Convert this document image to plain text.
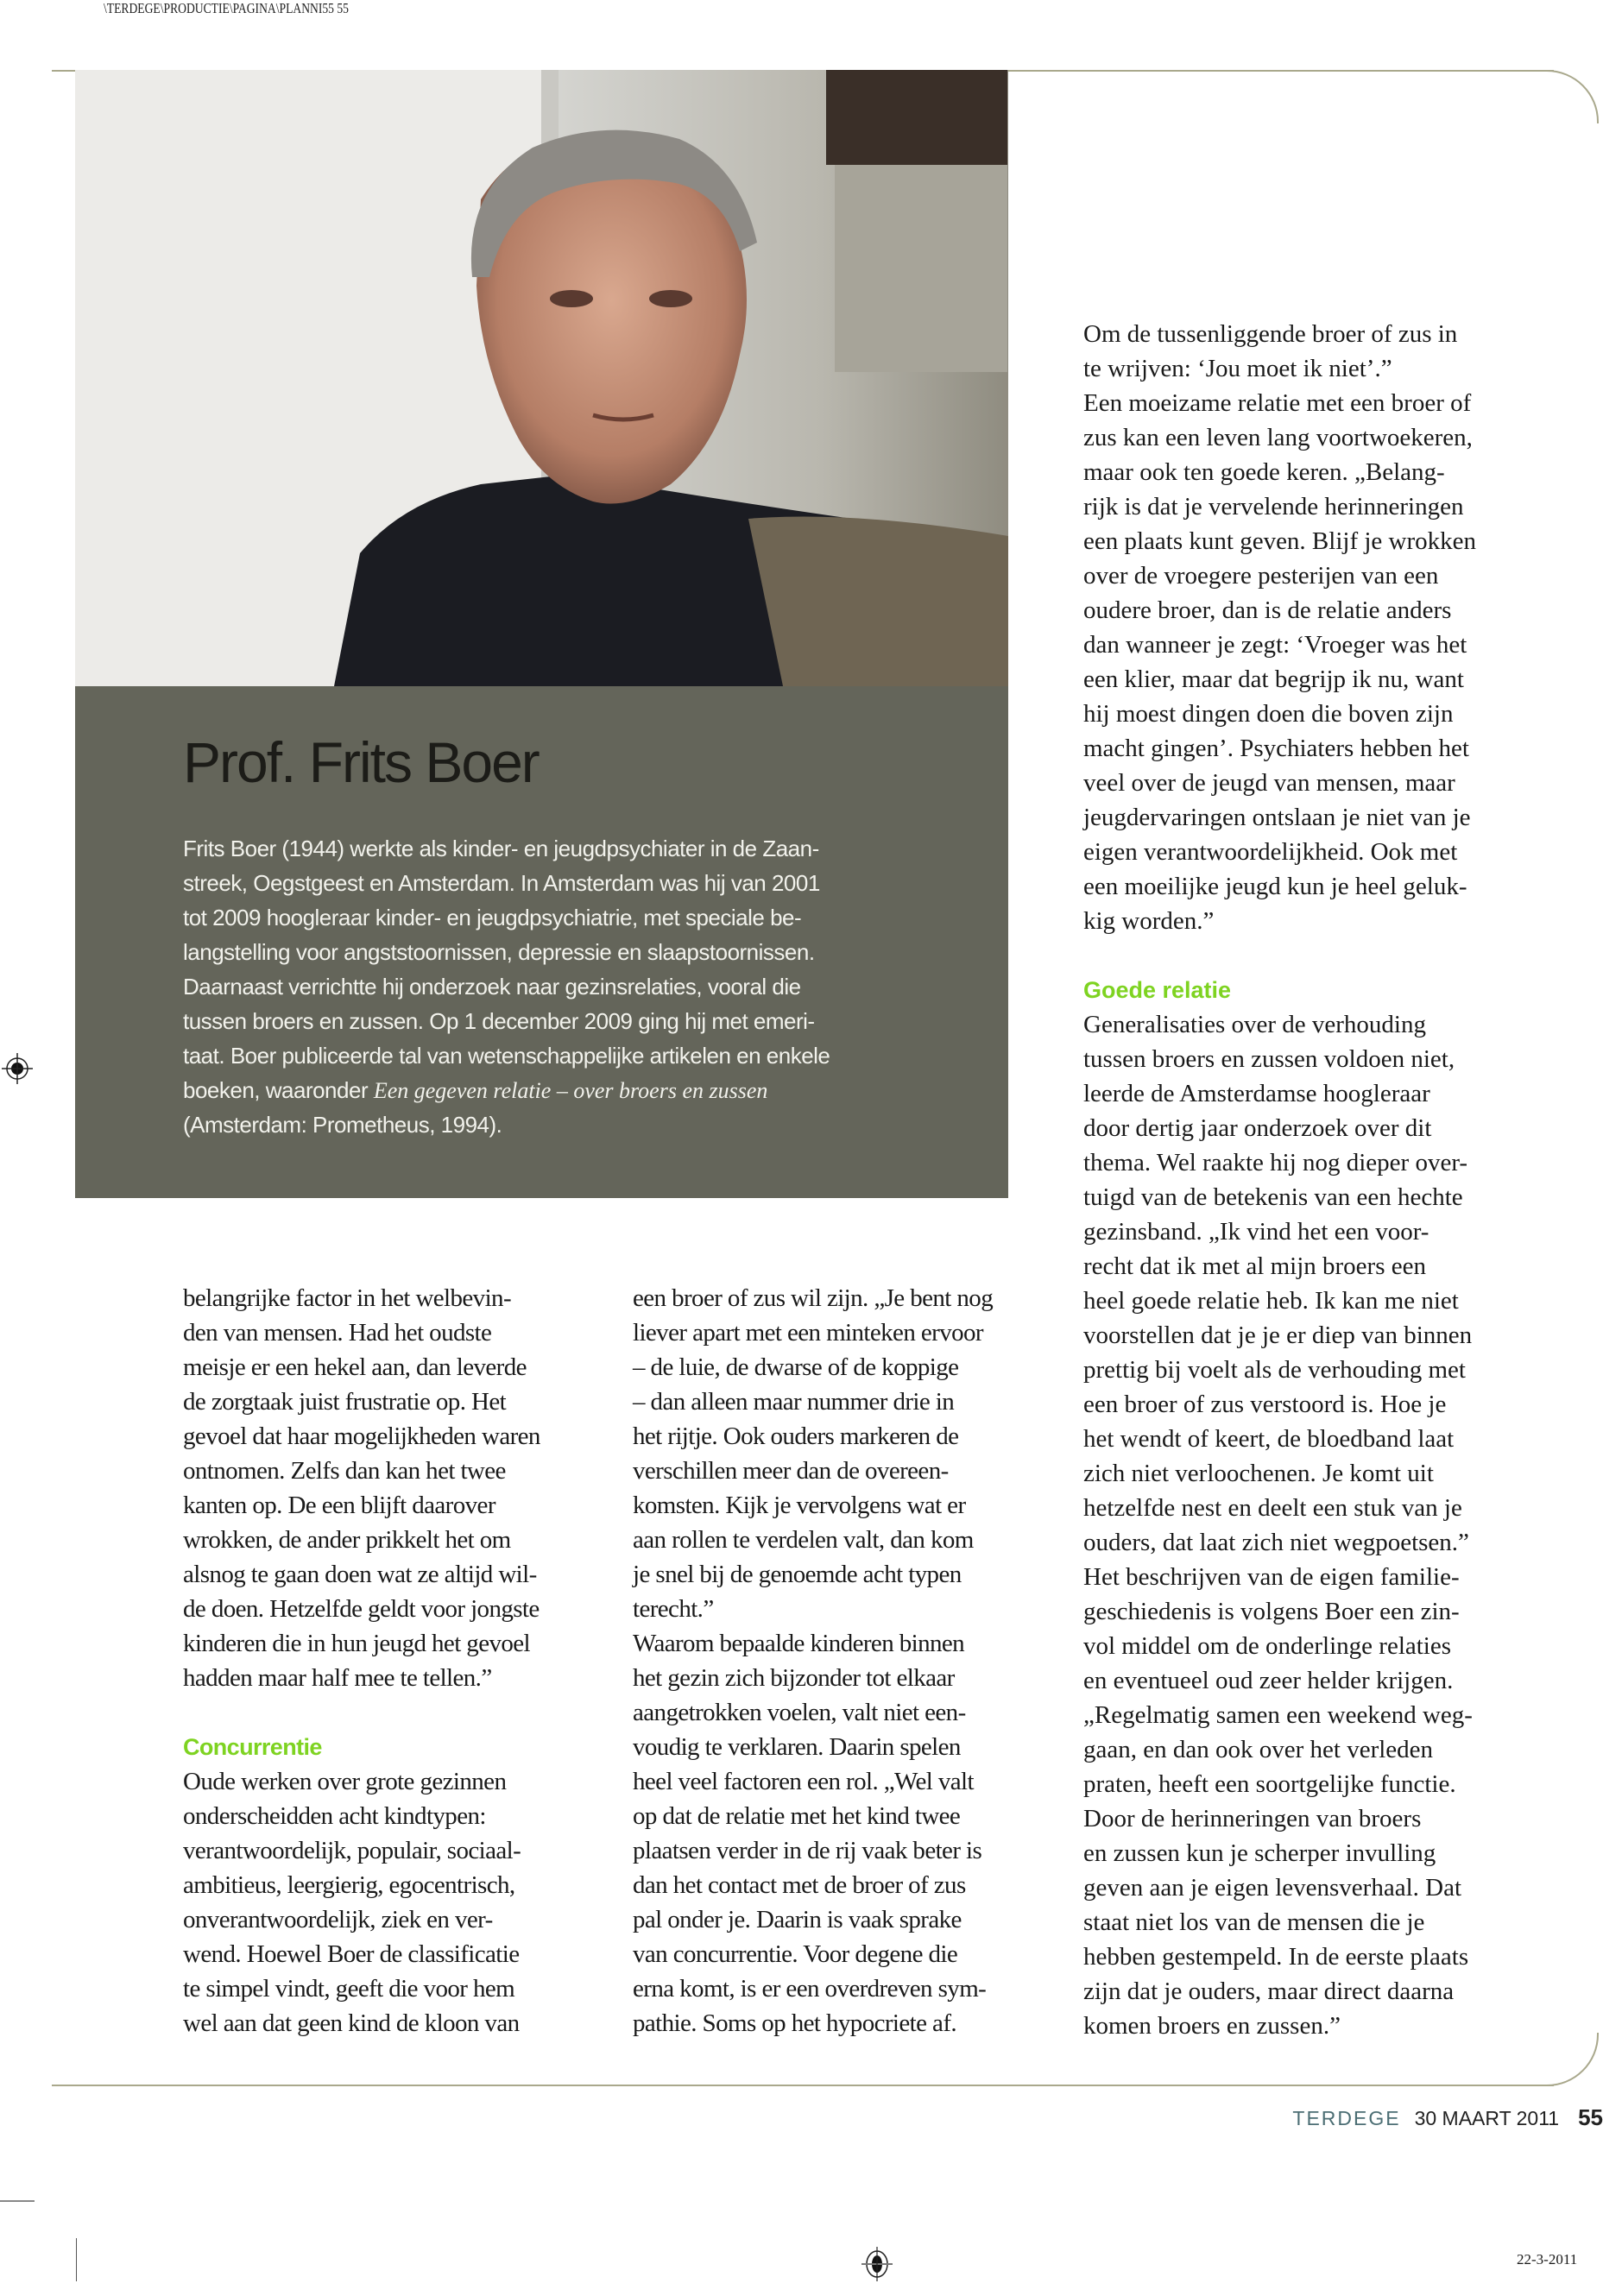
Prof. Frits Boer
Frits Boer (1944) werkte als kinder- en jeugdpsychiater in de Zaan-
streek, Oegstgeest en Amsterdam. In Amsterdam was hij van 2001
tot 2009 hoogleraar kinder- en jeugdpsychiatrie, met speciale be-
langstelling voor angststoornissen, depressie en slaapstoornissen.
Daarnaast verrichtte hij onderzoek naar gezinsrelaties, vooral die
tussen broers en zussen. Op 1 december 2009 ging hij met emeri-
taat. Boer publiceerde tal van wetenschappelijke artikelen en enkele
boeken, waaronder Een gegeven relatie – over broers en zussen
(Amsterdam: Prometheus, 1994).
belangrijke factor in het welbevin-
den van mensen. Had het oudste
meisje er een hekel aan, dan leverde
de zorgtaak juist frustratie op. Het
gevoel dat haar mogelijkheden waren
ontnomen. Zelfs dan kan het twee
kanten op. De een blijft daarover
wrokken, de ander prikkelt het om
alsnog te gaan doen wat ze altijd wil-
de doen. Hetzelfde geldt voor jongste
kinderen die in hun jeugd het gevoel
hadden maar half mee te tellen.”
Concurrentie
Oude werken over grote gezinnen
onderscheidden acht kindtypen:
verantwoordelijk, populair, sociaal-
ambitieus, leergierig, egocentrisch,
onverantwoordelijk, ziek en ver-
wend. Hoewel Boer de classificatie
te simpel vindt, geeft die voor hem
wel aan dat geen kind de kloon van
een broer of zus wil zijn. „Je bent nog
liever apart met een minteken ervoor
– de luie, de dwarse of de koppige
– dan alleen maar nummer drie in
het rijtje. Ook ouders markeren de
verschillen meer dan de overeen-
komsten. Kijk je vervolgens wat er
aan rollen te verdelen valt, dan kom
je snel bij de genoemde acht typen
terecht.”
Waarom bepaalde kinderen binnen
het gezin zich bijzonder tot elkaar
aangetrokken voelen, valt niet een-
voudig te verklaren. Daarin spelen
heel veel factoren een rol. „Wel valt
op dat de relatie met het kind twee
plaatsen verder in de rij vaak beter is
dan het contact met de broer of zus
pal onder je. Daarin is vaak sprake
van concurrentie. Voor degene die
erna komt, is er een overdreven sym-
pathie. Soms op het hypocriete af.
Om de tussenliggende broer of zus in
te wrijven: ‘Jou moet ik niet’.”
Een moeizame relatie met een broer of
zus kan een leven lang voortwoekeren,
maar ook ten goede keren. „Belang-
rijk is dat je vervelende herinneringen
een plaats kunt geven. Blijf je wrokken
over de vroegere pesterijen van een
oudere broer, dan is de relatie anders
dan wanneer je zegt: ‘Vroeger was het
een klier, maar dat begrijp ik nu, want
hij moest dingen doen die boven zijn
macht gingen’. Psychiaters hebben het
veel over de jeugd van mensen, maar
jeugdervaringen ontslaan je niet van je
eigen verantwoordelijkheid. Ook met
een moeilijke jeugd kun je heel geluk-
kig worden.”
Goede relatie
Generalisaties over de verhouding
tussen broers en zussen voldoen niet,
leerde de Amsterdamse hoogleraar
door dertig jaar onderzoek over dit
thema. Wel raakte hij nog dieper over-
tuigd van de betekenis van een hechte
gezinsband. „Ik vind het een voor-
recht dat ik met al mijn broers een
heel goede relatie heb. Ik kan me niet
voorstellen dat je je er diep van binnen
prettig bij voelt als de verhouding met
een broer of zus verstoord is. Hoe je
het wendt of keert, de bloedband laat
zich niet verloochenen. Je komt uit
hetzelfde nest en deelt een stuk van je
ouders, dat laat zich niet wegpoetsen.”
Het beschrijven van de eigen familie-
geschiedenis is volgens Boer een zin-
vol middel om de onderlinge relaties
en eventueel oud zeer helder krijgen.
„Regelmatig samen een weekend weg-
gaan, en dan ook over het verleden
praten, heeft een soortgelijke functie.
Door de herinneringen van broers
en zussen kun je scherper invulling
geven aan je eigen levensverhaal. Dat
staat niet los van de mensen die je
hebben gestempeld. In de eerste plaats
zijn dat je ouders, maar direct daarna
komen broers en zussen.”
TERDEGE 30 MAART 2011 55
\TERDEGE\PRODUCTIE\PAGINA\PLANNI55 55
22-3-2011
